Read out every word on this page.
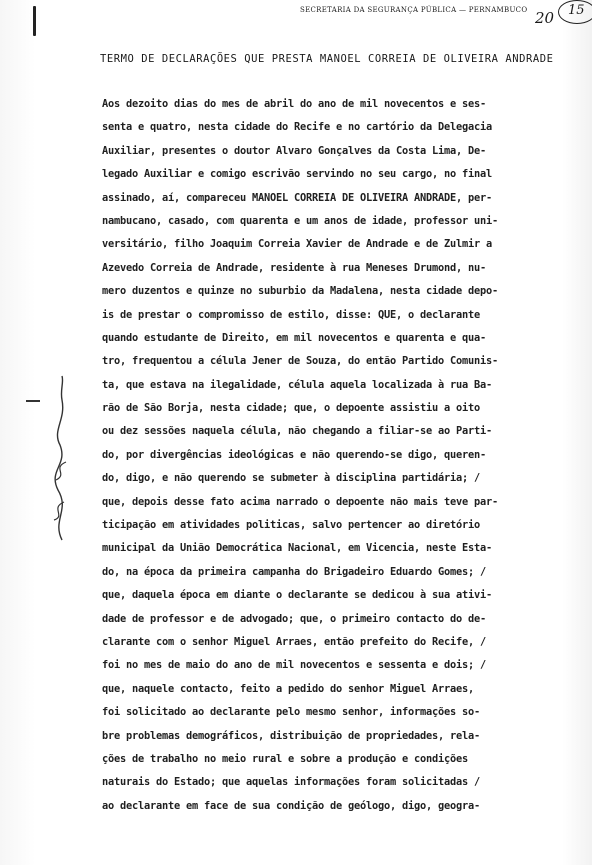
SECRETARIA DA SEGURANÇA PÚBLICA — PERNAMBUCO 20 15
TERMO DE DECLARAÇÕES QUE PRESTA MANOEL CORREIA DE OLIVEIRA ANDRADE
Aos dezoito dias do mes de abril do ano de mil novecentos e ses-
senta e quatro, nesta cidade do Recife e no cartório da Delegacia
Auxiliar, presentes o doutor Alvaro Gonçalves da Costa Lima, De-
legado Auxiliar e comigo escrivão servindo no seu cargo, no final
assinado, aí, compareceu MANOEL CORREIA DE OLIVEIRA ANDRADE, per-
nambucano, casado, com quarenta e um anos de idade, professor uni-
versitário, filho Joaquim Correia Xavier de Andrade e de Zulmir a
Azevedo Correia de Andrade, residente à rua Meneses Drumond, nu-
mero duzentos e quinze no suburbio da Madalena, nesta cidade depo-
is de prestar o compromisso de estilo, disse: QUE, o declarante
quando estudante de Direito, em mil novecentos e quarenta e qua-
tro, frequentou a célula Jener de Souza, do então Partido Comunis-
ta, que estava na ilegalidade, célula aquela localizada à rua Ba-
rão de São Borja, nesta cidade; que, o depoente assistiu a oito
ou dez sessões naquela célula, não chegando a filiar-se ao Parti-
do, por divergências ideológicas e não querendo-se digo, queren-
do, digo, e não querendo se submeter à disciplina partidária; /
que, depois desse fato acima narrado o depoente não mais teve par-
ticipação em atividades politicas, salvo pertencer ao diretório
municipal da União Democrática Nacional, em Vicencia, neste Esta-
do, na época da primeira campanha do Brigadeiro Eduardo Gomes; /
que, daquela época em diante o declarante se dedicou à sua ativi-
dade de professor e de advogado; que, o primeiro contacto do de-
clarante com o senhor Miguel Arraes, então prefeito do Recife, /
foi no mes de maio do ano de mil novecentos e sessenta e dois; /
que, naquele contacto, feito a pedido do senhor Miguel Arraes,
foi solicitado ao declarante pelo mesmo senhor, informações so-
bre problemas demográficos, distribuição de propriedades, rela-
ções de trabalho no meio rural e sobre a produção e condições
naturais do Estado; que aquelas informações foram solicitadas /
ao declarante em face de sua condição de geólogo, digo, geogra-
